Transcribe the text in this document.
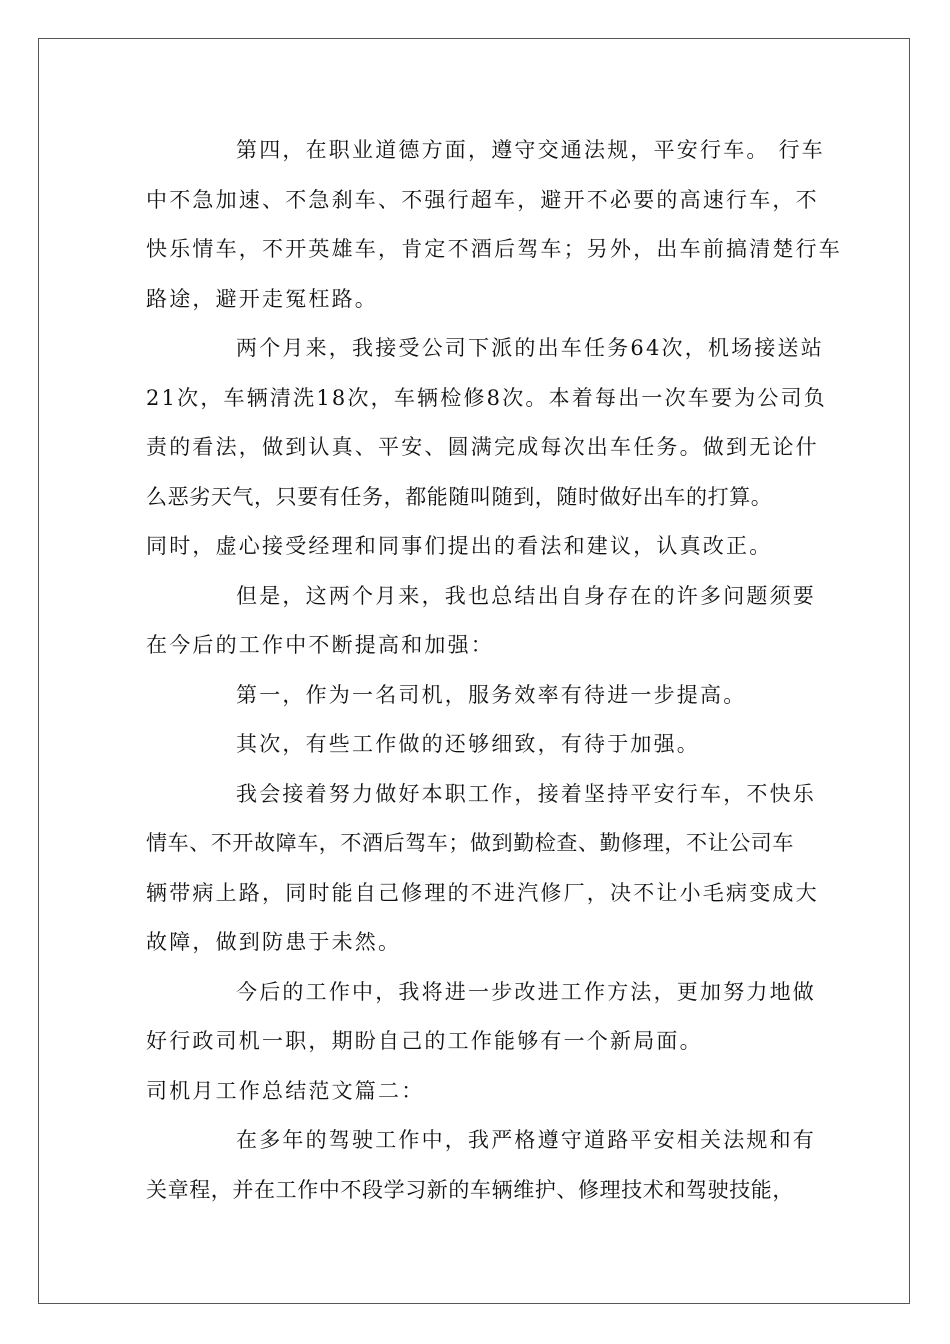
第四，在职业道德方面，遵守交通法规，平安行车。 行车
中不急加速、不急刹车、不强行超车，避开不必要的高速行车，不
快乐情车，不开英雄车，肯定不酒后驾车；另外，出车前搞清楚行车
路途，避开走冤枉路。
两个月来，我接受公司下派的出车任务64次，机场接送站
21次，车辆清洗18次，车辆检修8次。本着每出一次车要为公司负
责的看法，做到认真、平安、圆满完成每次出车任务。做到无论什
么恶劣天气，只要有任务，都能随叫随到，随时做好出车的打算。
同时，虚心接受经理和同事们提出的看法和建议，认真改正。
但是，这两个月来，我也总结出自身存在的许多问题须要
在今后的工作中不断提高和加强：
第一，作为一名司机，服务效率有待进一步提高。
其次，有些工作做的还够细致，有待于加强。
我会接着努力做好本职工作，接着坚持平安行车，不快乐
情车、不开故障车，不酒后驾车；做到勤检查、勤修理，不让公司车
辆带病上路，同时能自己修理的不进汽修厂，决不让小毛病变成大
故障，做到防患于未然。
今后的工作中，我将进一步改进工作方法，更加努力地做
好行政司机一职，期盼自己的工作能够有一个新局面。
司机月工作总结范文篇二：
在多年的驾驶工作中，我严格遵守道路平安相关法规和有
关章程，并在工作中不段学习新的车辆维护、修理技术和驾驶技能，
